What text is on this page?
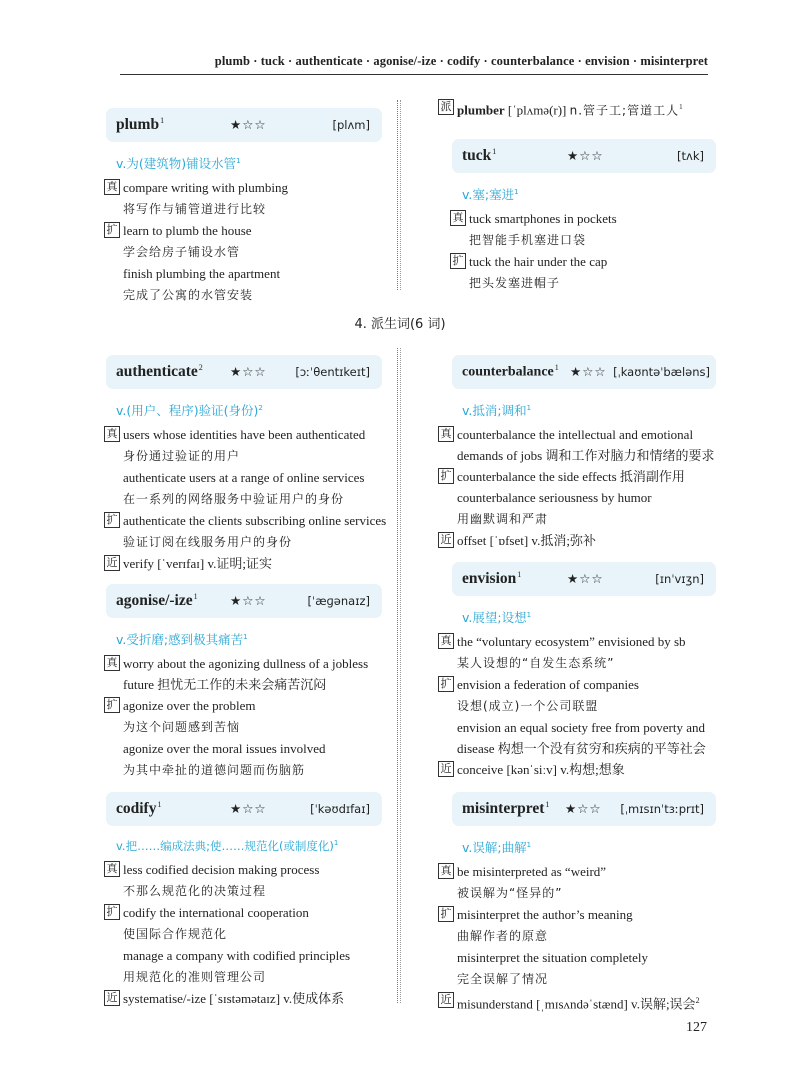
plumb · tuck · authenticate · agonise/-ize · codify · counterbalance · envision · misinterpret
plumb$^1$	★☆☆	[plʌm]
v.为(建筑物)铺设水管$^1$
真 compare writing with plumbing
将写作与铺管道进行比较
扩 learn to plumb the house
学会给房子铺设水管
finish plumbing the apartment
完成了公寓的水管安装
派 plumber [ˈplʌmə(r)] n.管子工;管道工人$^1$
tuck$^1$	★☆☆	[tʌk]
v.塞;塞进$^1$
真 tuck smartphones in pockets
把智能手机塞进口袋
扩 tuck the hair under the cap
把头发塞进帽子
4. 派生词(6 词)
authenticate$^2$ ★☆☆	[ɔːˈθentɪkeɪt]
v.(用户、程序)验证(身份)$^2$
真 users whose identities have been authenticated
身份通过验证的用户
authenticate users at a range of online services
在一系列的网络服务中验证用户的身份
扩 authenticate the clients subscribing online services
验证订阅在线服务用户的身份
近 verify [ˈverɪfaɪ] v.证明;证实
agonise/-ize$^1$	★☆☆	[ˈæɡənaɪz]
v.受折磨;感到极其痛苦$^1$
真 worry about the agonizing dullness of a jobless
future 担忧无工作的未来会痛苦沉闷
扩 agonize over the problem
为这个问题感到苦恼
agonize over the moral issues involved
为其中牵扯的道德问题而伤脑筋
codify$^1$	★☆☆	[ˈkəʊdɪfaɪ]
v.把……编成法典;使……规范化(或制度化)$^1$
真 less codified decision making process
不那么规范化的决策过程
扩 codify the international cooperation
使国际合作规范化
manage a company with codified principles
用规范化的准则管理公司
近 systematise/-ize [ˈsɪstəmətaɪz] v.使成体系
counterbalance$^1$ ★☆☆ [ˌkaʊntəˈbæləns]
v.抵消;调和$^1$
真 counterbalance the intellectual and emotional
demands of jobs 调和工作对脑力和情绪的要求
扩 counterbalance the side effects 抵消副作用
counterbalance seriousness by humor
用幽默调和严肃
近 offset [ˈɒfset] v.抵消;弥补
envision$^1$	★☆☆	[ɪnˈvɪʒn]
v.展望;设想$^1$
真 the “voluntary ecosystem” envisioned by sb
某人设想的“自发生态系统”
扩 envision a federation of companies
设想(成立)一个公司联盟
envision an equal society free from poverty and
disease 构想一个没有贫穷和疾病的平等社会
近 conceive [kənˈsiːv] v.构想;想象
misinterpret$^1$ ★☆☆ [ˌmɪsɪnˈtɜːprɪt]
v.误解;曲解$^1$
真 be misinterpreted as “weird”
被误解为“怪异的”
扩 misinterpret the author’s meaning
曲解作者的原意
misinterpret the situation completely
完全误解了情况
近 misunderstand [ˌmɪsʌndəˈstænd] v.误解;误会$^2$
127
